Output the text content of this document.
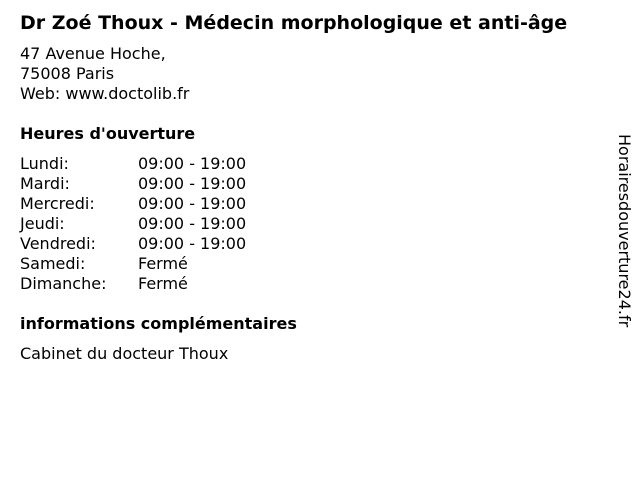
Dr Zoé Thoux - Médecin morphologique et anti-âge
47 Avenue Hoche,
75008 Paris
Web: www.doctolib.fr
Heures d'ouverture
Lundi:	09:00 - 19:00
Mardi:	09:00 - 19:00
Mercredi:	09:00 - 19:00
Jeudi:	09:00 - 19:00
Vendredi:	09:00 - 19:00
Samedi:	Fermé
Dimanche:	Fermé
informations complémentaires
Cabinet du docteur Thoux
Horairesdouverture24.fr
